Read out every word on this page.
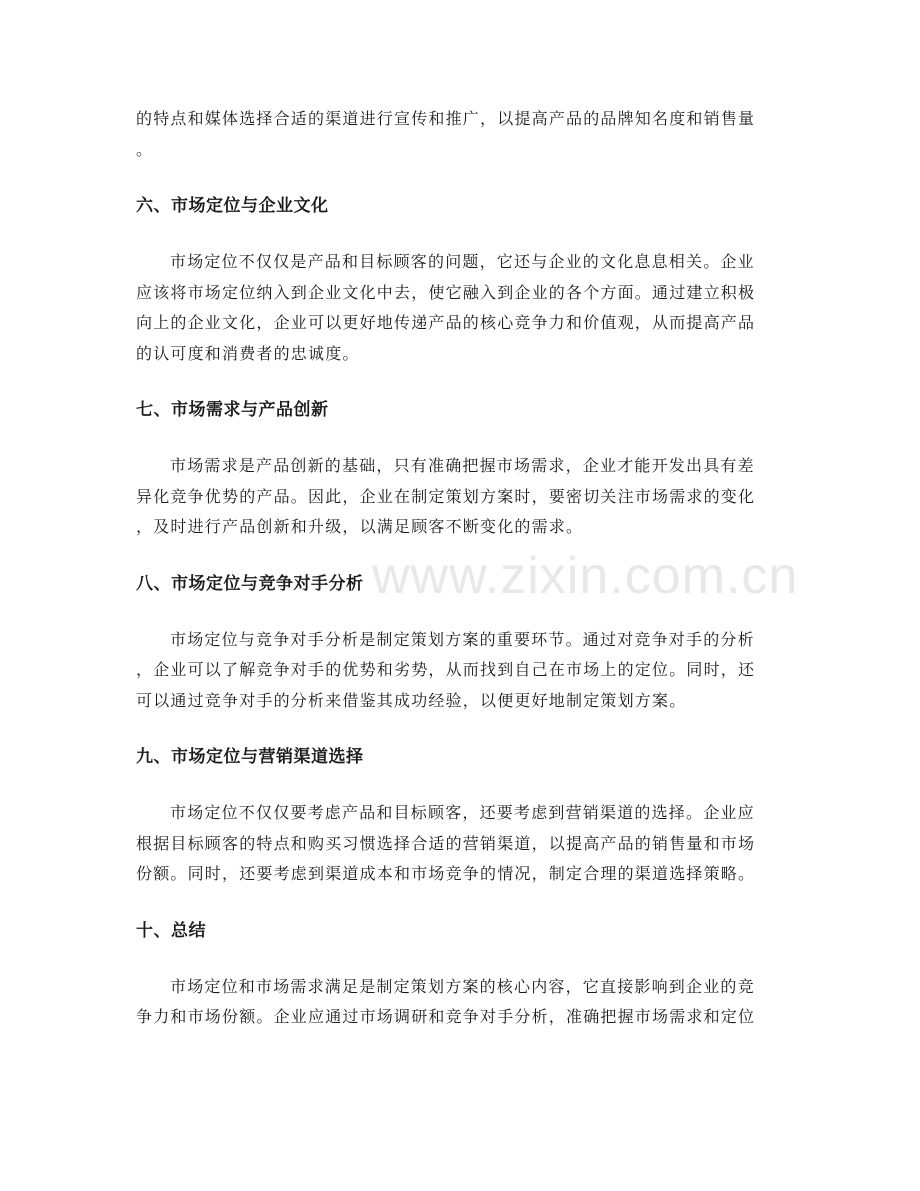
的特点和媒体选择合适的渠道进行宣传和推广，以提高产品的品牌知名度和销售量

。

六、市场定位与企业文化

市场定位不仅仅是产品和目标顾客的问题，它还与企业的文化息息相关。企业

应该将市场定位纳入到企业文化中去，使它融入到企业的各个方面。通过建立积极

向上的企业文化，企业可以更好地传递产品的核心竞争力和价值观，从而提高产品

的认可度和消费者的忠诚度。

七、市场需求与产品创新

市场需求是产品创新的基础，只有准确把握市场需求，企业才能开发出具有差

异化竞争优势的产品。因此，企业在制定策划方案时，要密切关注市场需求的变化

，及时进行产品创新和升级，以满足顾客不断变化的需求。

八、市场定位与竞争对手分析

市场定位与竞争对手分析是制定策划方案的重要环节。通过对竞争对手的分析

，企业可以了解竞争对手的优势和劣势，从而找到自己在市场上的定位。同时，还

可以通过竞争对手的分析来借鉴其成功经验，以便更好地制定策划方案。

九、市场定位与营销渠道选择

市场定位不仅仅要考虑产品和目标顾客，还要考虑到营销渠道的选择。企业应

根据目标顾客的特点和购买习惯选择合适的营销渠道，以提高产品的销售量和市场

份额。同时，还要考虑到渠道成本和市场竞争的情况，制定合理的渠道选择策略。

十、总结

市场定位和市场需求满足是制定策划方案的核心内容，它直接影响到企业的竞

争力和市场份额。企业应通过市场调研和竞争对手分析，准确把握市场需求和定位

www.zixin.com.cn
